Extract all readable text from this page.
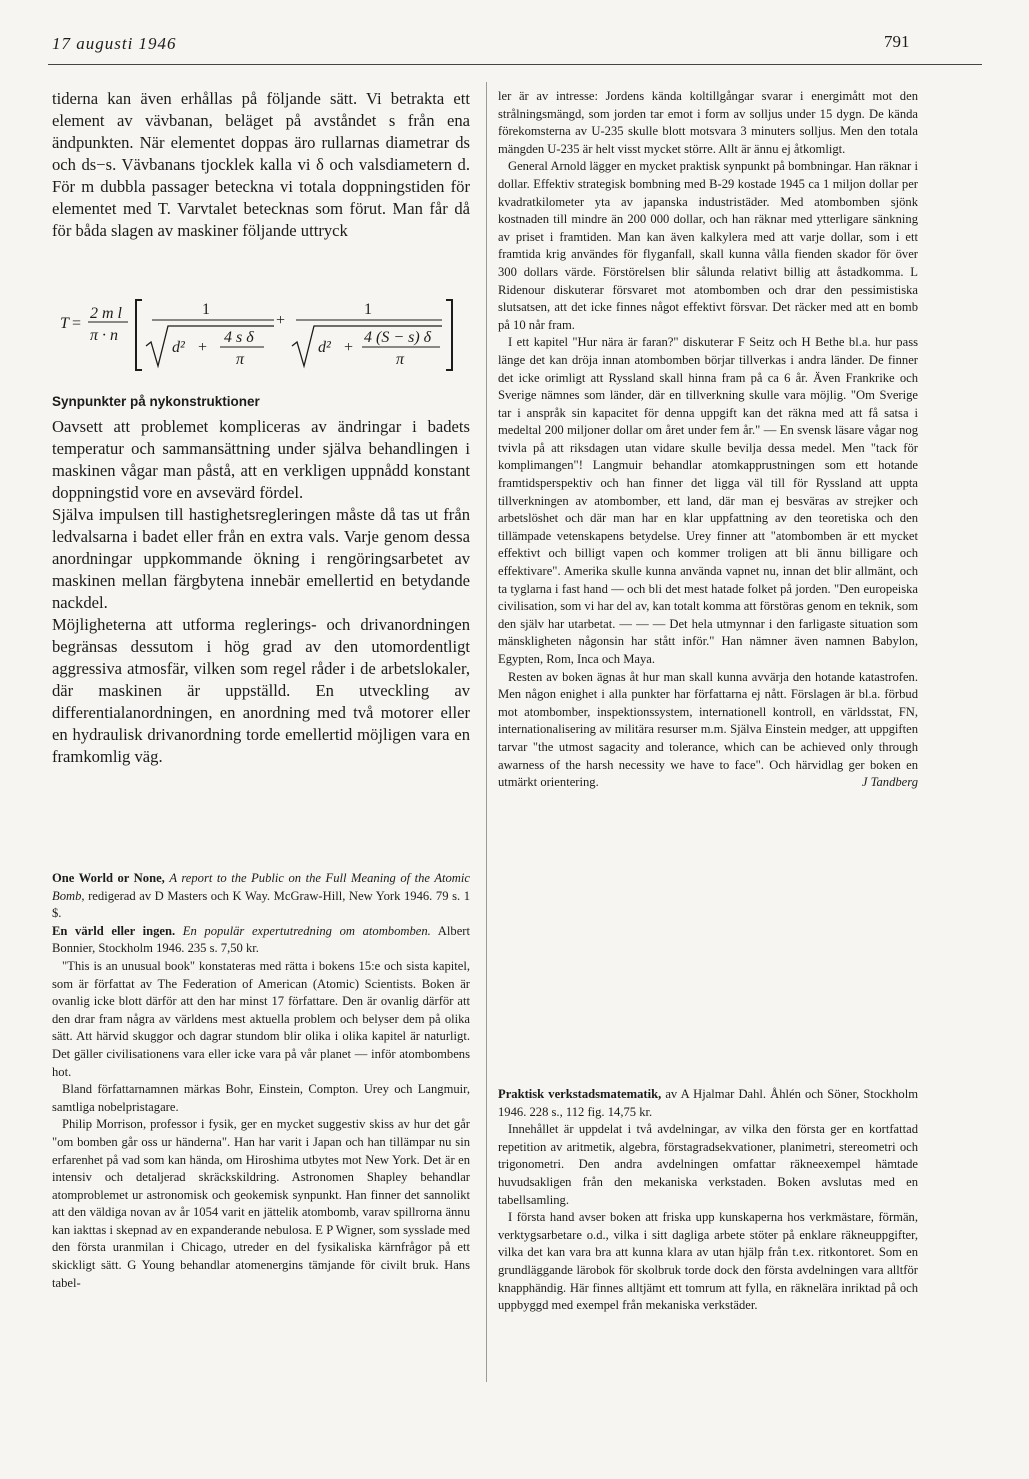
17 augusti 1946	791

tiderna kan även erhållas på följande sätt. Vi betrakta ett element av vävbanan, beläget på avståndet s från ena ändpunkten. När elementet doppas äro rullarnas diametrar ds och ds−s. Vävbanans tjocklek kalla vi δ och valsdiametern d. För m dubbla passager beteckna vi totala doppningstiden för elementet med T. Varvtalet betecknas som förut. Man får då för båda slagen av maskiner följande uttryck

T =
2 m l
π · n
1
d² +
4 s δ
π
+
1
d² +
4 (S − s) δ
π
Synpunkter på nykonstruktioner

Oavsett att problemet kompliceras av ändringar i badets temperatur och sammansättning under själva behandlingen i maskinen vågar man påstå, att en verkligen uppnådd konstant doppningstid vore en avsevärd fördel.

Själva impulsen till hastighetsregleringen måste då tas ut från ledvalsarna i badet eller från en extra vals. Varje genom dessa anordningar uppkommande ökning i rengöringsarbetet av maskinen mellan färgbytena innebär emellertid en betydande nackdel.

Möjligheterna att utforma reglerings- och drivanordningen begränsas dessutom i hög grad av den utomordentligt aggressiva atmosfär, vilken som regel råder i de arbetslokaler, där maskinen är uppställd. En utveckling av differentialanordningen, en anordning med två motorer eller en hydraulisk drivanordning torde emellertid möjligen vara en framkomlig väg.

One World or None, A report to the Public on the Full Meaning of the Atomic Bomb, redigerad av D Masters och K Way. McGraw-Hill, New York 1946. 79 s. 1 $.

En värld eller ingen. En populär expertutredning om atombomben. Albert Bonnier, Stockholm 1946. 235 s. 7,50 kr.

"This is an unusual book" konstateras med rätta i bokens 15:e och sista kapitel, som är författat av The Federation of American (Atomic) Scientists. Boken är ovanlig icke blott därför att den har minst 17 författare. Den är ovanlig därför att den drar fram några av världens mest aktuella problem och belyser dem på olika sätt. Att härvid skuggor och dagrar stundom blir olika i olika kapitel är naturligt. Det gäller civilisationens vara eller icke vara på vår planet — inför atombombens hot.

Bland författarnamnen märkas Bohr, Einstein, Compton. Urey och Langmuir, samtliga nobelpristagare.

Philip Morrison, professor i fysik, ger en mycket suggestiv skiss av hur det går "om bomben går oss ur händerna". Han har varit i Japan och han tillämpar nu sin erfarenhet på vad som kan hända, om Hiroshima utbytes mot New York. Det är en intensiv och detaljerad skräckskildring. Astronomen Shapley behandlar atomproblemet ur astronomisk och geokemisk synpunkt. Han finner det sannolikt att den väldiga novan av år 1054 varit en jättelik atombomb, varav spillrorna ännu kan iakttas i skepnad av en expanderande nebulosa. E P Wigner, som sysslade med den första uranmilan i Chicago, utreder en del fysikaliska kärnfrågor på ett skickligt sätt. G Young behandlar atomenergins tämjande för civilt bruk. Hans tabel-

ler är av intresse: Jordens kända koltillgångar svarar i energimått mot den strålningsmängd, som jorden tar emot i form av solljus under 15 dygn. De kända förekomsterna av U-235 skulle blott motsvara 3 minuters solljus. Men den totala mängden U-235 är helt visst mycket större. Allt är ännu ej åtkomligt.

General Arnold lägger en mycket praktisk synpunkt på bombningar. Han räknar i dollar. Effektiv strategisk bombning med B-29 kostade 1945 ca 1 miljon dollar per kvadratkilometer yta av japanska industristäder. Med atombomben sjönk kostnaden till mindre än 200 000 dollar, och han räknar med ytterligare sänkning av priset i framtiden. Man kan även kalkylera med att varje dollar, som i ett framtida krig användes för flyganfall, skall kunna vålla fienden skador för över 300 dollars värde. Förstörelsen blir sålunda relativt billig att åstadkomma. L Ridenour diskuterar försvaret mot atombomben och drar den pessimistiska slutsatsen, att det icke finnes något effektivt försvar. Det räcker med att en bomb på 10 når fram.

I ett kapitel "Hur nära är faran?" diskuterar F Seitz och H Bethe bl.a. hur pass länge det kan dröja innan atombomben börjar tillverkas i andra länder. De finner det icke orimligt att Ryssland skall hinna fram på ca 6 år. Även Frankrike och Sverige nämnes som länder, där en tillverkning skulle vara möjlig. "Om Sverige tar i anspråk sin kapacitet för denna uppgift kan det räkna med att få satsa i medeltal 200 miljoner dollar om året under fem år." — En svensk läsare vågar nog tvivla på att riksdagen utan vidare skulle bevilja dessa medel. Men "tack för komplimangen"! Langmuir behandlar atomkapprustningen som ett hotande framtidsperspektiv och han finner det ligga väl till för Ryssland att uppta tillverkningen av atombomber, ett land, där man ej besväras av strejker och arbetslöshet och där man har en klar uppfattning av den teoretiska och den tillämpade vetenskapens betydelse. Urey finner att "atombomben är ett mycket effektivt och billigt vapen och kommer troligen att bli ännu billigare och effektivare". Amerika skulle kunna använda vapnet nu, innan det blir allmänt, och ta tyglarna i fast hand — och bli det mest hatade folket på jorden. "Den europeiska civilisation, som vi har del av, kan totalt komma att förstöras genom en teknik, som den själv har utarbetat. — — — Det hela utmynnar i den farligaste situation som mänskligheten någonsin har stått inför." Han nämner även namnen Babylon, Egypten, Rom, Inca och Maya.

Resten av boken ägnas åt hur man skall kunna avvärja den hotande katastrofen. Men någon enighet i alla punkter har författarna ej nått. Förslagen är bl.a. förbud mot atombomber, inspektionssystem, internationell kontroll, en världsstat, FN, internationalisering av militära resurser m.m. Själva Einstein medger, att uppgiften tarvar "the utmost sagacity and tolerance, which can be achieved only through awarness of the harsh necessity we have to face". Och härvidlag ger boken en utmärkt orientering.	J Tandberg

Praktisk verkstadsmatematik, av A Hjalmar Dahl. Åhlén och Söner, Stockholm 1946. 228 s., 112 fig. 14,75 kr.

Innehållet är uppdelat i två avdelningar, av vilka den första ger en kortfattad repetition av aritmetik, algebra, förstagradsekvationer, planimetri, stereometri och trigonometri. Den andra avdelningen omfattar räkneexempel hämtade huvudsakligen från den mekaniska verkstaden. Boken avslutas med en tabellsamling.

I första hand avser boken att friska upp kunskaperna hos verkmästare, förmän, verktygsarbetare o.d., vilka i sitt dagliga arbete stöter på enklare räkneuppgifter, vilka det kan vara bra att kunna klara av utan hjälp från t.ex. ritkontoret. Som en grundläggande lärobok för skolbruk torde dock den första avdelningen vara alltför knapphändig. Här finnes alltjämt ett tomrum att fylla, en räknelära inriktad på och uppbyggd med exempel från mekaniska verkstäder.
